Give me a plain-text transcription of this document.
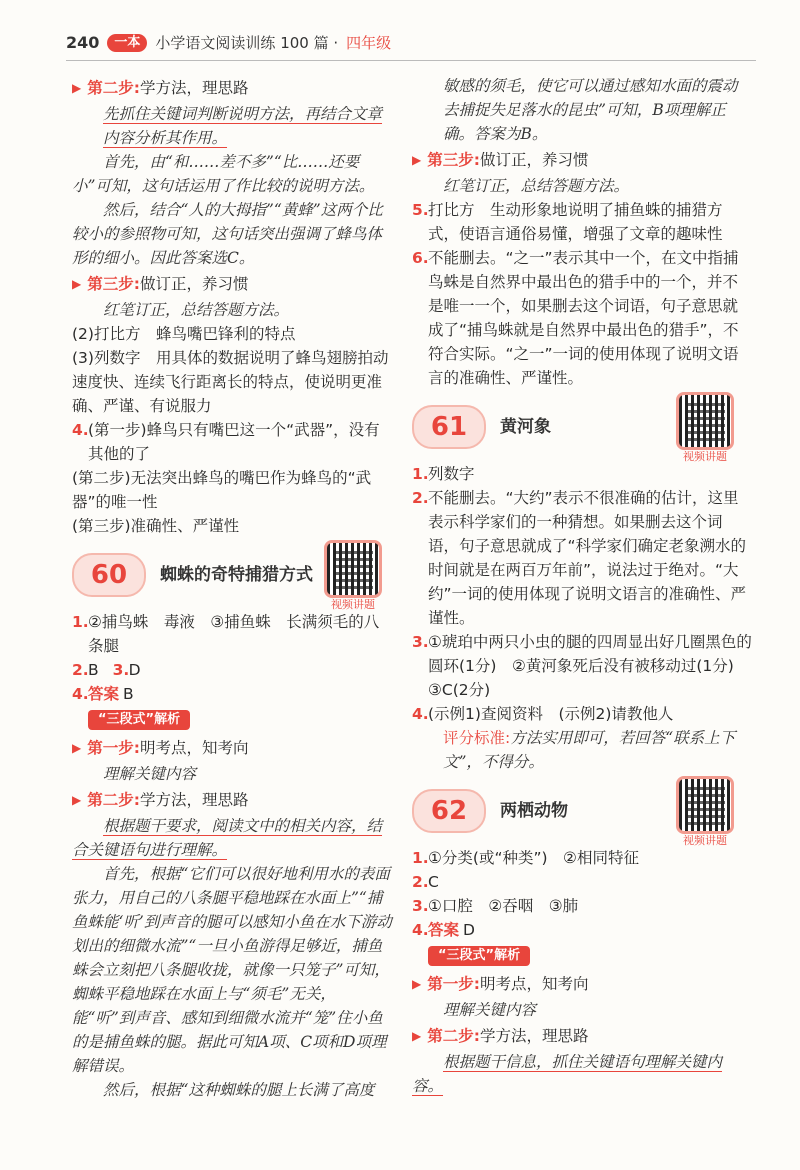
240	一本	小学语文阅读训练 100 篇 · 四年级
▶ 第二步: 学方法，理思路

先抓住关键词判断说明方法，再结合文章内容分析其作用。

首先，由“和……差不多”“比……还要小”可知，这句话运用了作比较的说明方法。

然后，结合“人的大拇指”“黄蜂”这两个比较小的参照物可知，这句话突出强调了蜂鸟体形的细小。因此答案选C。

▶ 第三步: 做订正，养习惯

红笔订正，总结答题方法。

(2)打比方　蜂鸟嘴巴锋利的特点

(3)列数字　用具体的数据说明了蜂鸟翅膀拍动速度快、连续飞行距离长的特点，使说明更准确、严谨、有说服力

4. (第一步)蜂鸟只有嘴巴这一个“武器”，没有其他的了

(第二步)无法突出蜂鸟的嘴巴作为蜂鸟的“武器”的唯一性

(第三步)准确性、严谨性

60	蜘蛛的奇特捕猎方式
视频讲题
1. ②捕鸟蛛　毒液　③捕鱼蛛　长满须毛的八条腿
2. B 3. D
4. 答案 B
“三段式”解析
▶ 第一步: 明考点，知考向

理解关键内容

▶ 第二步: 学方法，理思路

根据题干要求，阅读文中的相关内容，结合关键语句进行理解。

首先，根据“它们可以很好地利用水的表面张力，用自己的八条腿平稳地踩在水面上”“捕鱼蛛能‘听’到声音的腿可以感知小鱼在水下游动划出的细微水流”“一旦小鱼游得足够近，捕鱼蛛会立刻把八条腿收拢，就像一只笼子”可知，蜘蛛平稳地踩在水面上与“须毛”无关，能“听”到声音、感知到细微水流并“笼”住小鱼的是捕鱼蛛的腿。据此可知A项、C项和D项理解错误。

然后，根据“这种蜘蛛的腿上长满了高度

敏感的须毛，使它可以通过感知水面的震动去捕捉失足落水的昆虫”可知，B项理解正确。答案为B。

▶ 第三步: 做订正，养习惯

红笔订正，总结答题方法。

5. 打比方　生动形象地说明了捕鱼蛛的捕猎方式，使语言通俗易懂，增强了文章的趣味性
6. 不能删去。“之一”表示其中一个，在文中指捕鸟蛛是自然界中最出色的猎手中的一个，并不是唯一一个，如果删去这个词语，句子意思就成了“捕鸟蛛就是自然界中最出色的猎手”，不符合实际。“之一”一词的使用体现了说明文语言的准确性、严谨性。
61	黄河象
视频讲题
1. 列数字
2. 不能删去。“大约”表示不很准确的估计，这里表示科学家们的一种猜想。如果删去这个词语，句子意思就成了“科学家们确定老象溯水的时间就是在两百万年前”，说法过于绝对。“大约”一词的使用体现了说明文语言的准确性、严谨性。
3. ①琥珀中两只小虫的腿的四周显出好几圈黑色的圆环(1分)　②黄河象死后没有被移动过(1分)　③C(2分)
4. (示例1)查阅资料　(示例2)请教他人

评分标准:方法实用即可，若回答“联系上下文”，不得分。

62	两栖动物
视频讲题
1. ①分类(或“种类”)　②相同特征
2. C
3. ①口腔　②吞咽　③肺
4. 答案 D
“三段式”解析
▶ 第一步: 明考点，知考向

理解关键内容

▶ 第二步: 学方法，理思路

根据题干信息，抓住关键语句理解关键内容。
